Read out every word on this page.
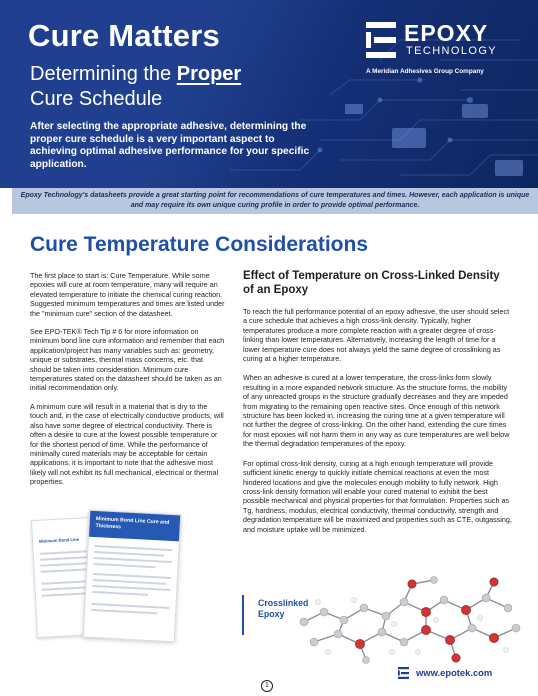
Cure Matters
Determining the Proper
Cure Schedule
After selecting the appropriate adhesive, determining the proper cure schedule is a very important aspect to achieving optimal adhesive performance for your specific application.
EPOXY
TECHNOLOGY
A Meridian Adhesives Group Company
Epoxy Technology's datasheets provide a great starting point for recommendations of cure temperatures and times. However, each application is unique and may require its own unique curing profile in order to provide optimal performance.
Cure Temperature Considerations

The first place to start is: Cure Temperature. While some epoxies will cure at room temperature, many will require an elevated temperature to initiate the chemical curing reaction. Suggested minimum temperatures and times are listed under the "minimum cure" section of the datasheet.

See EPO-TEK® Tech Tip # 6 for more information on minimum bond line cure information and remember that each application/project has many variables such as: geometry, unique or substrates, thermal mass concerns, etc. that should be taken into consideration. Minimum cure temperatures stated on the datasheet should be taken as an initial recommendation only.

A minimum cure will result in a material that is dry to the touch and, in the case of electrically conductive products, will also have some degree of electrical conductivity. There is often a desire to cure at the lowest possible temperature or for the shortest period of time. While the performance of minimally cured materials may be acceptable for certain applications, it is important to note that the adhesive most likely will not exhibit its full mechanical, electrical or thermal properties.

Minimum Bond Line
Minimum Bond Line Cure and Thickness
Effect of Temperature on Cross-Linked Density of an Epoxy

To reach the full performance potential of an epoxy adhesive, the user should select a cure schedule that achieves a high cross-link density. Typically, higher temperatures produce a more complete reaction with a greater degree of cross-linking than lower temperatures. Alternatively, increasing the length of time for a lower temperature cure does not always yield the same degree of crosslinking as curing at a higher temperature.

When an adhesive is cured at a lower temperature, the cross-links form slowly resulting in a more expanded network structure. As the structure forms, the mobility of any unreacted groups in the structure gradually decreases and they are impeded from migrating to the remaining open reactive sites. Once enough of this network structure has been locked in, increasing the curing time at a given temperature will not further the degree of cross-linking. On the other hand, extending the cure times for most epoxies will not harm them in any way as cure temperatures are well below the thermal degradation temperatures of the epoxy.

For optimal cross-link density, curing at a high enough temperature will provide sufficient kinetic energy to quickly initiate chemical reactions at even the most hindered locations and give the molecules enough mobility to fully network. High cross-link density formation will enable your cured material to exhibit the best possible mechanical and physical properties for that formulation. Properties such as Tg, hardness, modulus, electrical conductivity, thermal conductivity, strength and degradation temperature will be maximized and properties such as CTE, outgassing, and moisture uptake will be minimized.

Crosslinked
Epoxy
www.epotek.com
1
